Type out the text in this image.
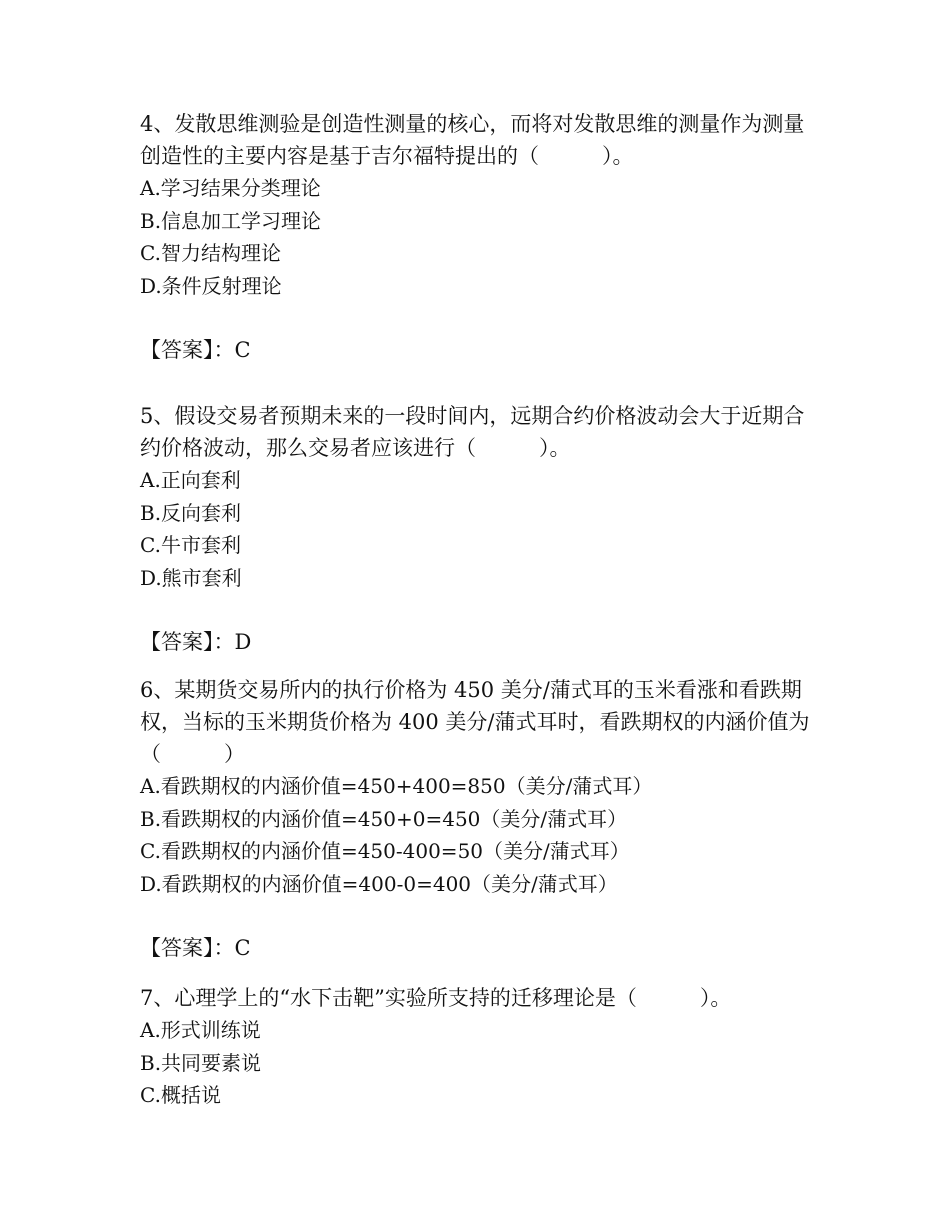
4、发散思维测验是创造性测量的核心，而将对发散思维的测量作为测量创造性的主要内容是基于吉尔福特提出的（　　　）。

A.学习结果分类理论

B.信息加工学习理论

C.智力结构理论

D.条件反射理论

【答案】：C

5、假设交易者预期未来的一段时间内，远期合约价格波动会大于近期合约价格波动，那么交易者应该进行（　　　）。

A.正向套利

B.反向套利

C.牛市套利

D.熊市套利

【答案】：D

6、某期货交易所内的执行价格为 450 美分/蒲式耳的玉米看涨和看跌期权，当标的玉米期货价格为 400 美分/蒲式耳时，看跌期权的内涵价值为（　　　）

A.看跌期权的内涵价值=450+400=850（美分/蒲式耳）

B.看跌期权的内涵价值=450+0=450（美分/蒲式耳）

C.看跌期权的内涵价值=450-400=50（美分/蒲式耳）

D.看跌期权的内涵价值=400-0=400（美分/蒲式耳）

【答案】：C

7、心理学上的“水下击靶”实验所支持的迁移理论是（　　　）。

A.形式训练说

B.共同要素说

C.概括说
